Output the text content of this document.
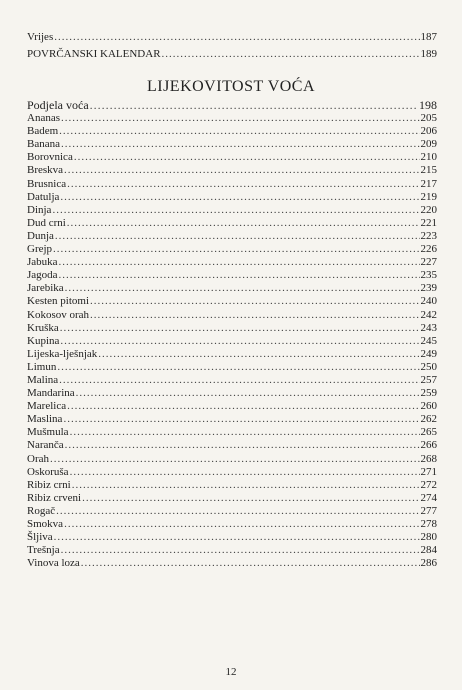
Vrijes .....	187
POVRČANSKI KALENDAR .....	189
LIJEKOVITOST VOĆA
Podjela voća .....	198
Ananas .....	205
Badem .....	206
Banana .....	209
Borovnica .....	210
Breskva .....	215
Brusnica .....	217
Datulja .....	219
Dinja .....	220
Dud crni .....	221
Dunja .....	223
Grejp .....	226
Jabuka .....	227
Jagoda .....	235
Jarebika .....	239
Kesten pitomi .....	240
Kokosov orah .....	242
Kruška .....	243
Kupina .....	245
Lijeska-lješnjak .....	249
Limun .....	250
Malina .....	257
Mandarina .....	259
Marelica .....	260
Maslina .....	262
Mušmula .....	265
Naranča .....	266
Orah .....	268
Oskoruša .....	271
Ribiz crni .....	272
Ribiz crveni .....	274
Rogač .....	277
Smokva .....	278
Šljiva .....	280
Trešnja .....	284
Vinova loza .....	286
12
